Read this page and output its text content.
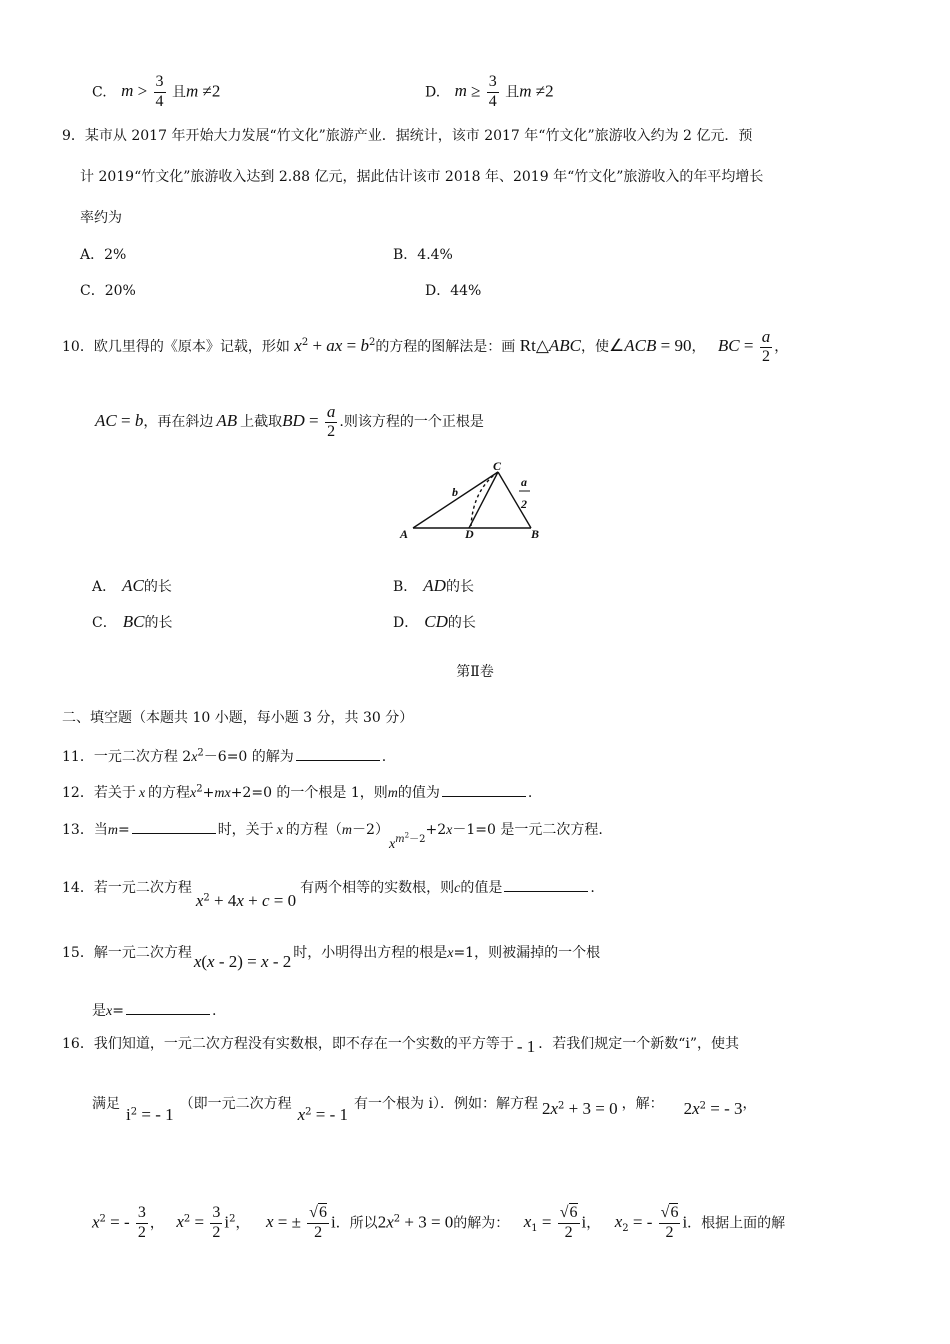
C. $m > \frac{3}{4}$ 且m ≠2	D. $m \ge \frac{3}{4}$ 且m ≠2
9．某市从 2017 年开始大力发展“竹文化”旅游产业．据统计，该市 2017 年“竹文化”旅游收入约为 2 亿元．预
计 2019“竹文化”旅游收入达到 2.88 亿元，据此估计该市 2018 年、2019 年“竹文化”旅游收入的年平均增长
率约为
A．2%	B．4.4%
C．20%	D．44%
10．欧几里得的《原本》记载，形如 $x^2$ + ax = $b^2$的方程的图解法是：画 Rt△ABC，使∠ACB = 90， BC = $\frac{a}{2}$ ，
AC = b，再在斜边 AB 上截取BD = $\frac{a}{2}$ .则该方程的一个正根是
C
A	D	B
b
a
2
A． AC的长	B． AD的长
C． BC的长	D． CD的长
第Ⅱ卷
二、填空题（本题共 10 小题，每小题 3 分，共 30 分）
11．一元二次方程 $2x^2-6=0$ 的解为	.
12．若关于 x 的方程$x^2+mx+2=0$ 的一个根是 1，则m的值为	.
13．当m=	时，关于 x 的方程$(m-2)x^{m^2-2}+2x-1=0$ 是一元二次方程.
14．若一元二次方程$x^2 + 4x + c = 0$有两个相等的实数根，则c的值是	.
15．解一元二次方程 x(x - 2) = x - 2 时，小明得出方程的根是x=1，则被漏掉的一个根
是x=	.
16．我们知道，一元二次方程没有实数根，即不存在一个实数的平方等于 - 1 ．若我们规定一个新数“i”，使其
满足$i^2$ = - 1（即一元二次方程$x^2$ = - 1有一个根为 i）．例如：解方程 $2x^2 + 3 = 0$ ，解： $2x^2$ = - 3，
$x^2$ = - $\frac{3}{2}$ ， $x^2 = \frac{3}{2} i^2$， x = ± $\frac{√6}{2}$ i．所以$2x^2 + 3 = 0$的解为： $x_1 = \frac{√6}{2}$ i， $x_2$ = - $\frac{√6}{2}$ i．根据上面的解
